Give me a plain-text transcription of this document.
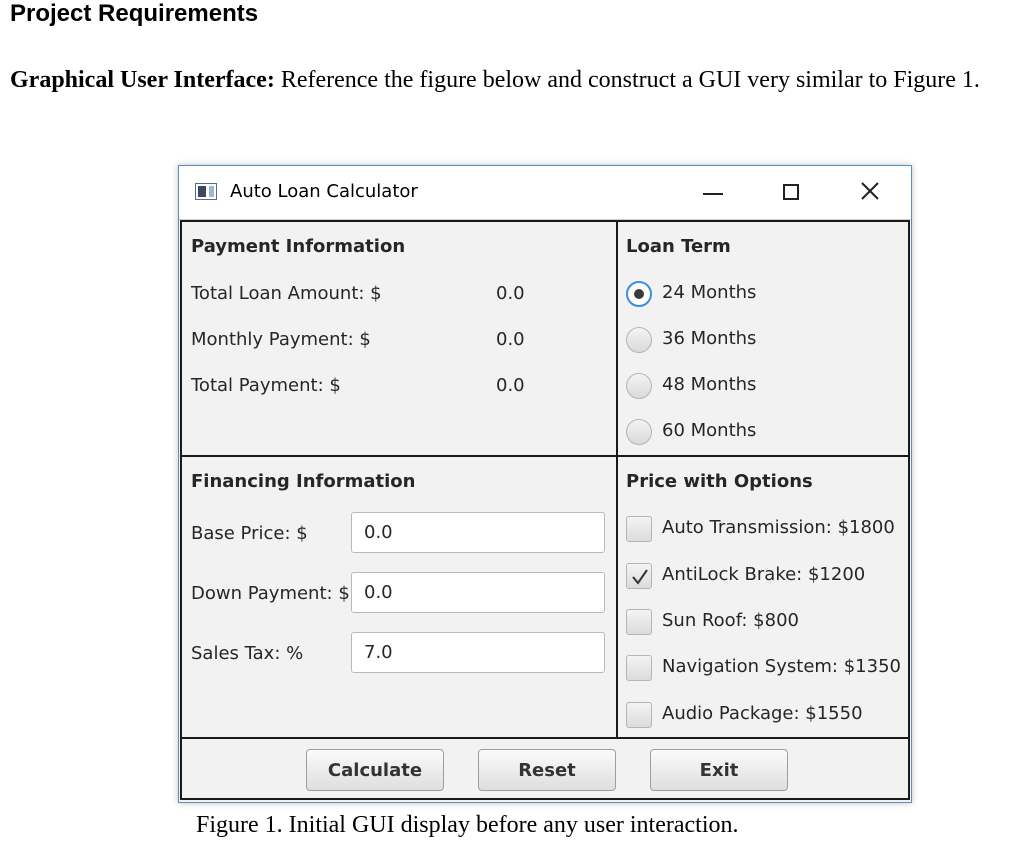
Project Requirements
Graphical User Interface: Reference the figure below and construct a GUI very similar to Figure 1.
Auto Loan Calculator
Payment Information
Total Loan Amount: $	0.0
Monthly Payment: $	0.0
Total Payment: $	0.0
Loan Term
24 Months
36 Months
48 Months
60 Months
Financing Information
Base Price: $
0.0
Down Payment: $
0.0
Sales Tax: %
7.0
Price with Options
Auto Transmission: $1800
AntiLock Brake: $1200
Sun Roof: $800
Navigation System: $1350
Audio Package: $1550
Calculate	Reset	Exit
Figure 1. Initial GUI display before any user interaction.
